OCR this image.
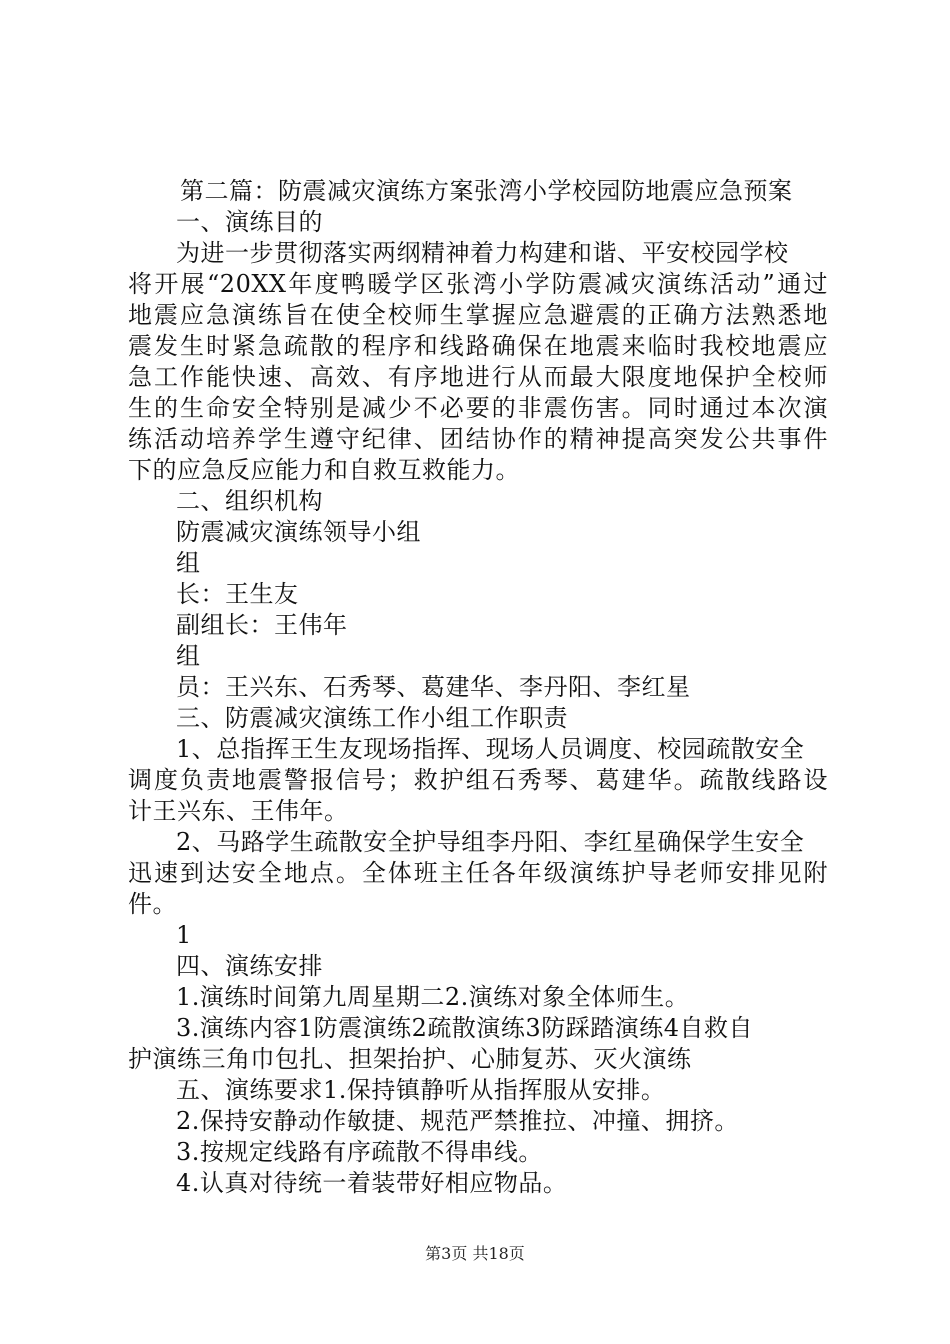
第二篇：防震减灾演练方案张湾小学校园防地震应急预案
一、演练目的
为进一步贯彻落实两纲精神着力构建和谐、平安校园学校
将开展“20XX年度鸭暖学区张湾小学防震减灾演练活动”通过
地震应急演练旨在使全校师生掌握应急避震的正确方法熟悉地
震发生时紧急疏散的程序和线路确保在地震来临时我校地震应
急工作能快速、高效、有序地进行从而最大限度地保护全校师
生的生命安全特别是减少不必要的非震伤害。同时通过本次演
练活动培养学生遵守纪律、团结协作的精神提高突发公共事件
下的应急反应能力和自救互救能力。
二、组织机构
防震减灾演练领导小组
组
长：王生友
副组长：王伟年
组
员：王兴东、石秀琴、葛建华、李丹阳、李红星
三、防震减灾演练工作小组工作职责
1、总指挥王生友现场指挥、现场人员调度、校园疏散安全
调度负责地震警报信号；救护组石秀琴、葛建华。疏散线路设
计王兴东、王伟年。
2、马路学生疏散安全护导组李丹阳、李红星确保学生安全
迅速到达安全地点。全体班主任各年级演练护导老师安排见附
件。
1
四、演练安排
1.演练时间第九周星期二2.演练对象全体师生。
3.演练内容1防震演练2疏散演练3防踩踏演练4自救自
护演练三角巾包扎、担架抬护、心肺复苏、灭火演练
五、演练要求1.保持镇静听从指挥服从安排。
2.保持安静动作敏捷、规范严禁推拉、冲撞、拥挤。
3.按规定线路有序疏散不得串线。
4.认真对待统一着装带好相应物品。
第3页 共18页
